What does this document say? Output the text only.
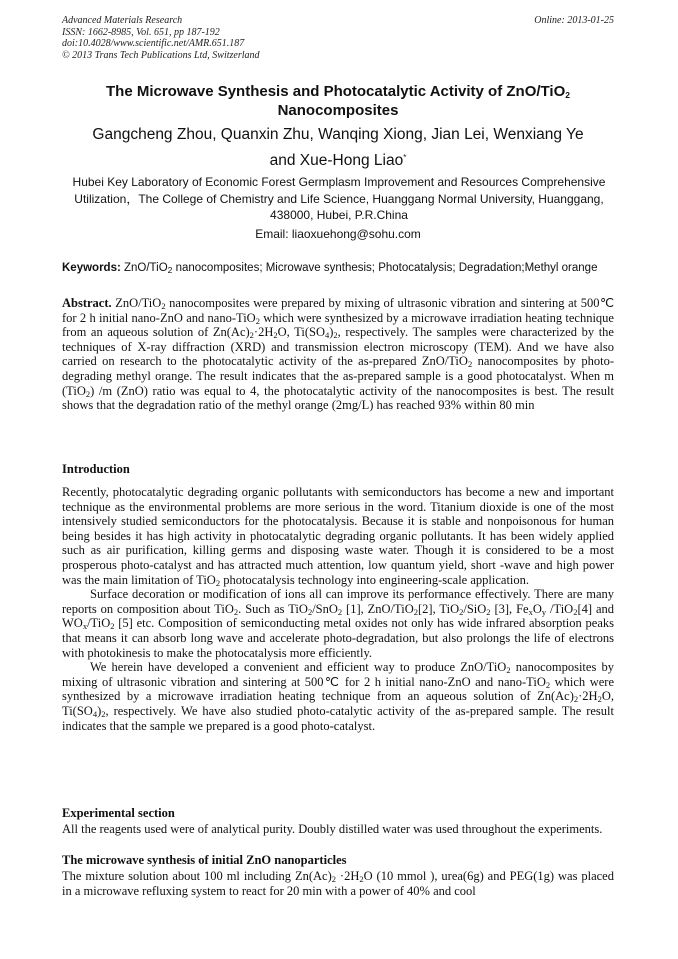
Advanced Materials Research
ISSN: 1662-8985, Vol. 651, pp 187-192
doi:10.4028/www.scientific.net/AMR.651.187
© 2013 Trans Tech Publications Ltd, Switzerland
Online: 2013-01-25
The Microwave Synthesis and Photocatalytic Activity of ZnO/TiO$_2$
Nanocomposites
Gangcheng Zhou, Quanxin Zhu, Wanqing Xiong, Jian Lei, Wenxiang Ye
and Xue-Hong Liao*
Hubei Key Laboratory of Economic Forest Germplasm Improvement and Resources Comprehensive Utilization，The College of Chemistry and Life Science, Huanggang Normal University, Huanggang, 438000, Hubei, P.R.China
Email: liaoxuehong@sohu.com
Keywords: ZnO/TiO$_2$ nanocomposites; Microwave synthesis; Photocatalysis; Degradation;Methyl orange
Abstract. ZnO/TiO$_2$ nanocomposites were prepared by mixing of ultrasonic vibration and sintering at 500℃ for 2 h initial nano-ZnO and nano-TiO$_2$ which were synthesized by a microwave irradiation heating technique from an aqueous solution of $Zn(Ac)_2\cdot 2H_2O$, $Ti(SO_4)_2$, respectively. The samples were characterized by the techniques of X-ray diffraction (XRD) and transmission electron microscopy (TEM). And we have also carried on research to the photocatalytic activity of the as-prepared ZnO/TiO$_2$ nanocomposites by photo-degrading methyl orange. The result indicates that the as-prepared sample is a good photocatalyst. When m (TiO$_2$) /m (ZnO) ratio was equal to 4, the photocatalytic activity of the nanocomposites is best. The result shows that the degradation ratio of the methyl orange (2mg/L) has reached 93% within 80 min
Introduction

Recently, photocatalytic degrading organic pollutants with semiconductors has become a new and important technique as the environmental problems are more serious in the word. Titanium dioxide is one of the most intensively studied semiconductors for the photocatalysis. Because it is stable and nonpoisonous for human being besides it has high activity in photocatalytic degrading organic pollutants. It has been widely applied such as air purification, killing germs and disposing waste water. Though it is considered to be a most prosperous photo-catalyst and has attracted much attention, low quantum yield, short -wave and high power was the main limitation of TiO$_2$ photocatalysis technology into engineering-scale application.

Surface decoration or modification of ions all can improve its performance effectively. There are many reports on composition about TiO$_2$. Such as TiO$_2$/SnO$_2$ [1], ZnO/TiO$_2$[2], TiO$_2$/SiO$_2$ [3], $Fe_xO_y$ /TiO$_2$[4] and $WO_x/TiO_2$ [5] etc. Composition of semiconducting metal oxides not only has wide infrared absorption peaks that means it can absorb long wave and accelerate photo-degradation, but also prolongs the life of electrons with photokinesis to make the photocatalysis more efficiently.

We herein have developed a convenient and efficient way to produce ZnO/TiO$_2$ nanocomposites by mixing of ultrasonic vibration and sintering at 500℃ for 2 h initial nano-ZnO and nano-TiO$_2$ which were synthesized by a microwave irradiation heating technique from an aqueous solution of $Zn(Ac)_2\cdot 2H_2O$, $Ti(SO_4)_2$, respectively. We have also studied photo-catalytic activity of the as-prepared sample. The result indicates that the sample we prepared is a good photo-catalyst.

Experimental section

All the reagents used were of analytical purity. Doubly distilled water was used throughout the experiments.

The microwave synthesis of initial ZnO nanoparticles

The mixture solution about 100 ml including $Zn(Ac)_2 \cdot 2H_2O$ (10 mmol ), urea(6g) and PEG(1g) was placed in a microwave refluxing system to react for 20 min with a power of 40% and cool
